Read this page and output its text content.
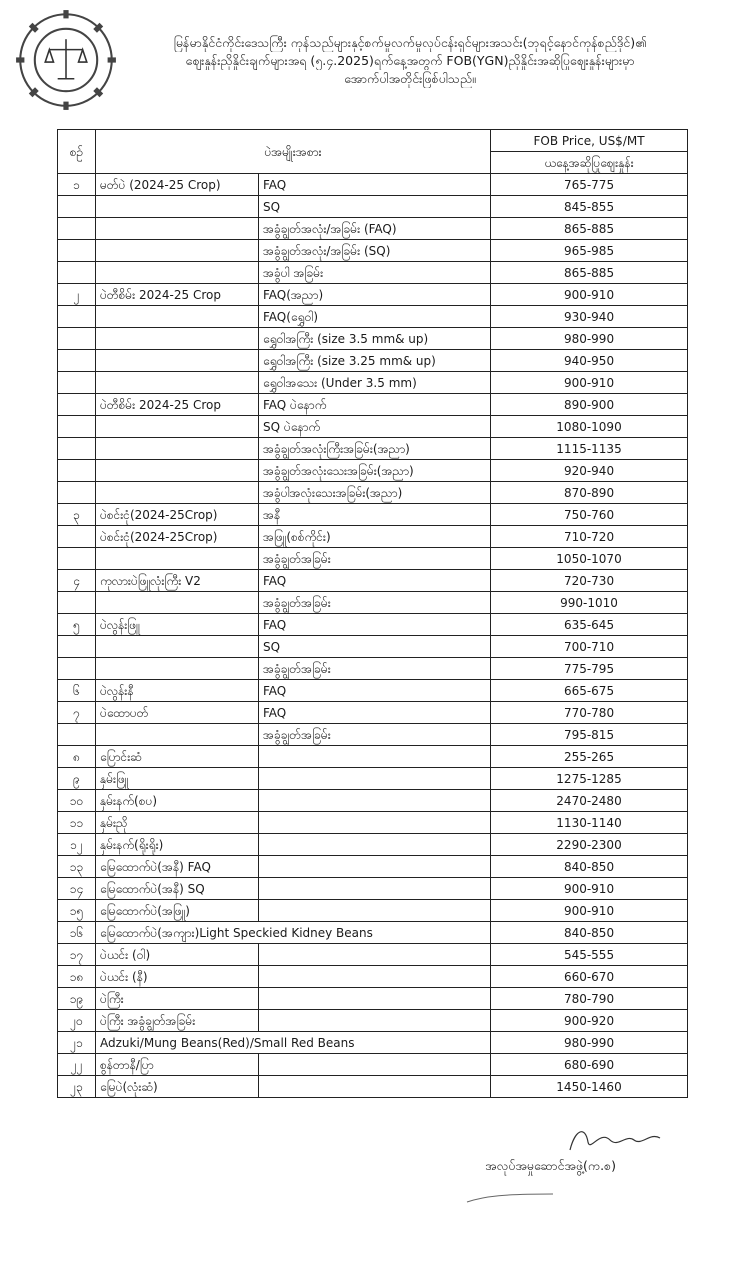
မြန်မာနိုင်ငံကိုင်းဒေသကြီး ကုန်သည်များနှင့်စက်မှုလက်မှုလုပ်ငန်းရှင်များအသင်း(ဘုရင့်နောင်ကုန်စည်ဒိုင်)၏
ဈေးနှုန်းညှိနှိုင်းချက်များအရ (၅.၄.2025)ရက်နေ့အတွက် FOB(YGN)ညှိနှိုင်းအဆိုပြုဈေးနှုန်းများမှာ
အောက်ပါအတိုင်းဖြစ်ပါသည်။
စဉ်	ပဲအမျိုးအစား		FOB Price, US$/MT
			ယနေ့အဆိုပြုဈေးနှုန်း
၁	မတ်ပဲ (2024-25 Crop)	FAQ	765-775
		SQ	845-855
		အခွံချွတ်အလုံး/အခြမ်း (FAQ)	865-885
		အခွံချွတ်အလုံး/အခြမ်း (SQ)	965-985
		အခွံပါ အခြမ်း	865-885
၂	ပဲတီစိမ်း 2024-25 Crop	FAQ(အညာ)	900-910
		FAQ(ရွှေဝါ)	930-940
		ရွှေဝါအကြီး (size 3.5 mm& up)	980-990
		ရွှေဝါအကြီး (size 3.25 mm& up)	940-950
		ရွှေဝါအသေး (Under 3.5 mm)	900-910
	ပဲတီစိမ်း 2024-25 Crop	FAQ ပဲနောက်	890-900
		SQ ပဲနောက်	1080-1090
		အခွံချွတ်အလုံးကြီးအခြမ်း(အညာ)	1115-1135
		အခွံချွတ်အလုံးသေးအခြမ်း(အညာ)	920-940
		အခွံပါအလုံးသေးအခြမ်း(အညာ)	870-890
၃	ပဲစင်းငုံ(2024-25Crop)	အနီ	750-760
	ပဲစင်းငုံ(2024-25Crop)	အဖြူ(စစ်ကိုင်း)	710-720
		အခွံချွတ်အခြမ်း	1050-1070
၄	ကုလားပဲဖြူလုံးကြီး V2	FAQ	720-730
		အခွံချွတ်အခြမ်း	990-1010
၅	ပဲလွန်းဖြူ	FAQ	635-645
		SQ	700-710
		အခွံချွတ်အခြမ်း	775-795
၆	ပဲလွန်းနီ	FAQ	665-675
၇	ပဲထောပတ်	FAQ	770-780
		အခွံချွတ်အခြမ်း	795-815
၈	ပြောင်းဆံ		255-265
၉	နှမ်းဖြူ		1275-1285
၁၀	နှမ်းနက်(စပ)		2470-2480
၁၁	နှမ်းညို		1130-1140
၁၂	နှမ်းနက်(ရိုးရိုး)		2290-2300
၁၃	မြေထောက်ပဲ(အနီ) FAQ		840-850
၁၄	မြေထောက်ပဲ(အနီ) SQ		900-910
၁၅	မြေထောက်ပဲ(အဖြူ)		900-910
၁၆	မြေထောက်ပဲ(အကျား)Light Speckied Kidney Beans		840-850
၁၇	ပဲယင်း (ဝါ)		545-555
၁၈	ပဲယင်း (နီ)		660-670
၁၉	ပဲကြီး		780-790
၂၀	ပဲကြီး အခွံချွတ်အခြမ်း		900-920
၂၁	Adzuki/Mung Beans(Red)/Small Red Beans		980-990
၂၂	စွန်တာနီ/ပြာ		680-690
၂၃	မြေပဲ(လုံးဆံ)		1450-1460
အလုပ်အမှုဆောင်အဖွဲ့(က.စ)
